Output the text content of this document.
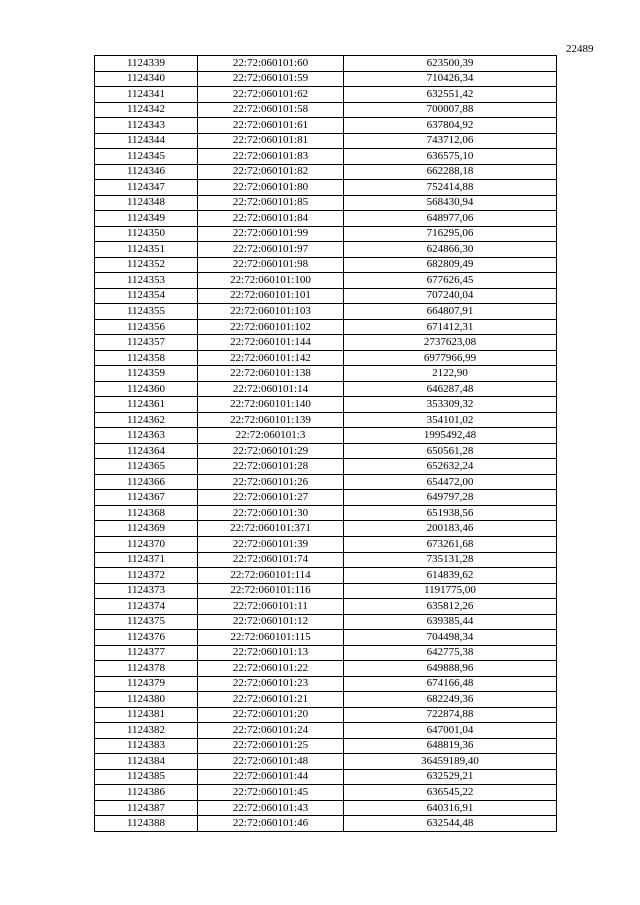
22489
1124339	22:72:060101:60	623500,39
1124340	22:72:060101:59	710426,34
1124341	22:72:060101:62	632551,42
1124342	22:72:060101:58	700007,88
1124343	22:72:060101:61	637804,92
1124344	22:72:060101:81	743712,06
1124345	22:72:060101:83	636575,10
1124346	22:72:060101:82	662288,18
1124347	22:72:060101:80	752414,88
1124348	22:72:060101:85	568430,94
1124349	22:72:060101:84	648977,06
1124350	22:72:060101:99	716295,06
1124351	22:72:060101:97	624866,30
1124352	22:72:060101:98	682809,49
1124353	22:72:060101:100	677626,45
1124354	22:72:060101:101	707240,04
1124355	22:72:060101:103	664807,91
1124356	22:72:060101:102	671412,31
1124357	22:72:060101:144	2737623,08
1124358	22:72:060101:142	6977966,99
1124359	22:72:060101:138	2122,90
1124360	22:72:060101:14	646287,48
1124361	22:72:060101:140	353309,32
1124362	22:72:060101:139	354101,02
1124363	22:72:060101:3	1995492,48
1124364	22:72:060101:29	650561,28
1124365	22:72:060101:28	652632,24
1124366	22:72:060101:26	654472,00
1124367	22:72:060101:27	649797,28
1124368	22:72:060101:30	651938,56
1124369	22:72:060101:371	200183,46
1124370	22:72:060101:39	673261,68
1124371	22:72:060101:74	735131,28
1124372	22:72:060101:114	614839,62
1124373	22:72:060101:116	1191775,00
1124374	22:72:060101:11	635812,26
1124375	22:72:060101:12	639385,44
1124376	22:72:060101:115	704498,34
1124377	22:72:060101:13	642775,38
1124378	22:72:060101:22	649888,96
1124379	22:72:060101:23	674166,48
1124380	22:72:060101:21	682249,36
1124381	22:72:060101:20	722874,88
1124382	22:72:060101:24	647001,04
1124383	22:72:060101:25	648819,36
1124384	22:72:060101:48	36459189,40
1124385	22:72:060101:44	632529,21
1124386	22:72:060101:45	636545,22
1124387	22:72:060101:43	640316,91
1124388	22:72:060101:46	632544,48
